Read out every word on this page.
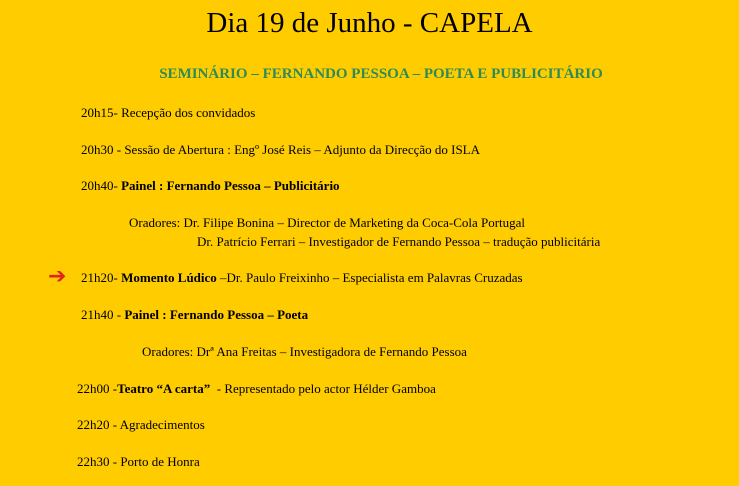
Dia 19 de Junho - CAPELA
SEMINÁRIO – FERNANDO PESSOA – POETA E PUBLICITÁRIO
20h15- Recepção dos convidados
20h30 - Sessão de Abertura : Engº José Reis – Adjunto da Direcção do ISLA
20h40- Painel : Fernando Pessoa – Publicitário
Oradores: Dr. Filipe Bonina – Director de Marketing da Coca-Cola Portugal
Dr. Patrício Ferrari – Investigador de Fernando Pessoa – tradução publicitária
➔ 21h20- Momento Lúdico –Dr. Paulo Freixinho – Especialista em Palavras Cruzadas
21h40 - Painel : Fernando Pessoa – Poeta
Oradores: Drª Ana Freitas – Investigadora de Fernando Pessoa
22h00 -Teatro “A carta”  - Representado pelo actor Hélder Gamboa
22h20 - Agradecimentos
22h30 - Porto de Honra
